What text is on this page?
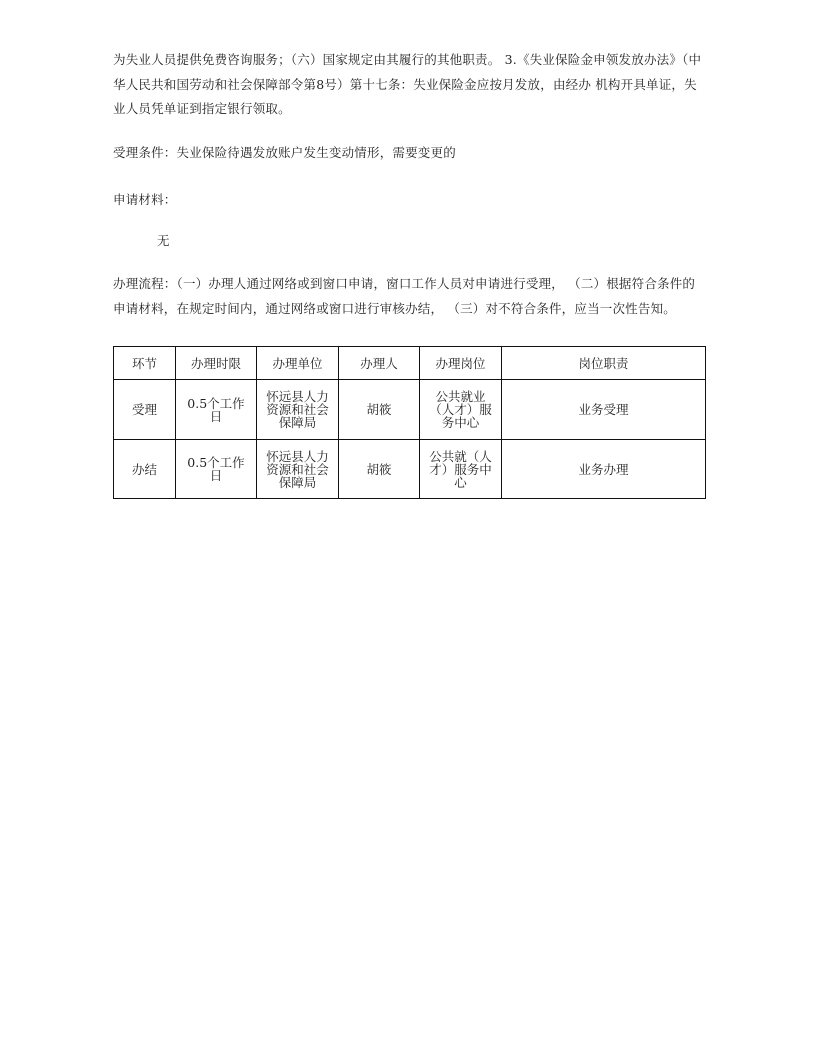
为失业人员提供免费咨询服务；（六）国家规定由其履行的其他职责。 3.《失业保险金申领发放办法》（中华人民共和国劳动和社会保障部令第8号）第十七条：失业保险金应按月发放，由经办 机构开具单证，失业人员凭单证到指定银行领取。

受理条件：失业保险待遇发放账户发生变动情形，需要变更的

申请材料：

无

办理流程：（一）办理人通过网络或到窗口申请，窗口工作人员对申请进行受理， （二）根据符合条件的申请材料，在规定时间内，通过网络或窗口进行审核办结， （三）对不符合条件，应当一次性告知。

环节	办理时限	办理单位	办理人	办理岗位	岗位职责
受理	0.5个工作日	怀远县人力资源和社会保障局	胡筱	公共就业（人才）服务中心	业务受理
办结	0.5个工作日	怀远县人力资源和社会保障局	胡筱	公共就（人才）服务中心	业务办理
